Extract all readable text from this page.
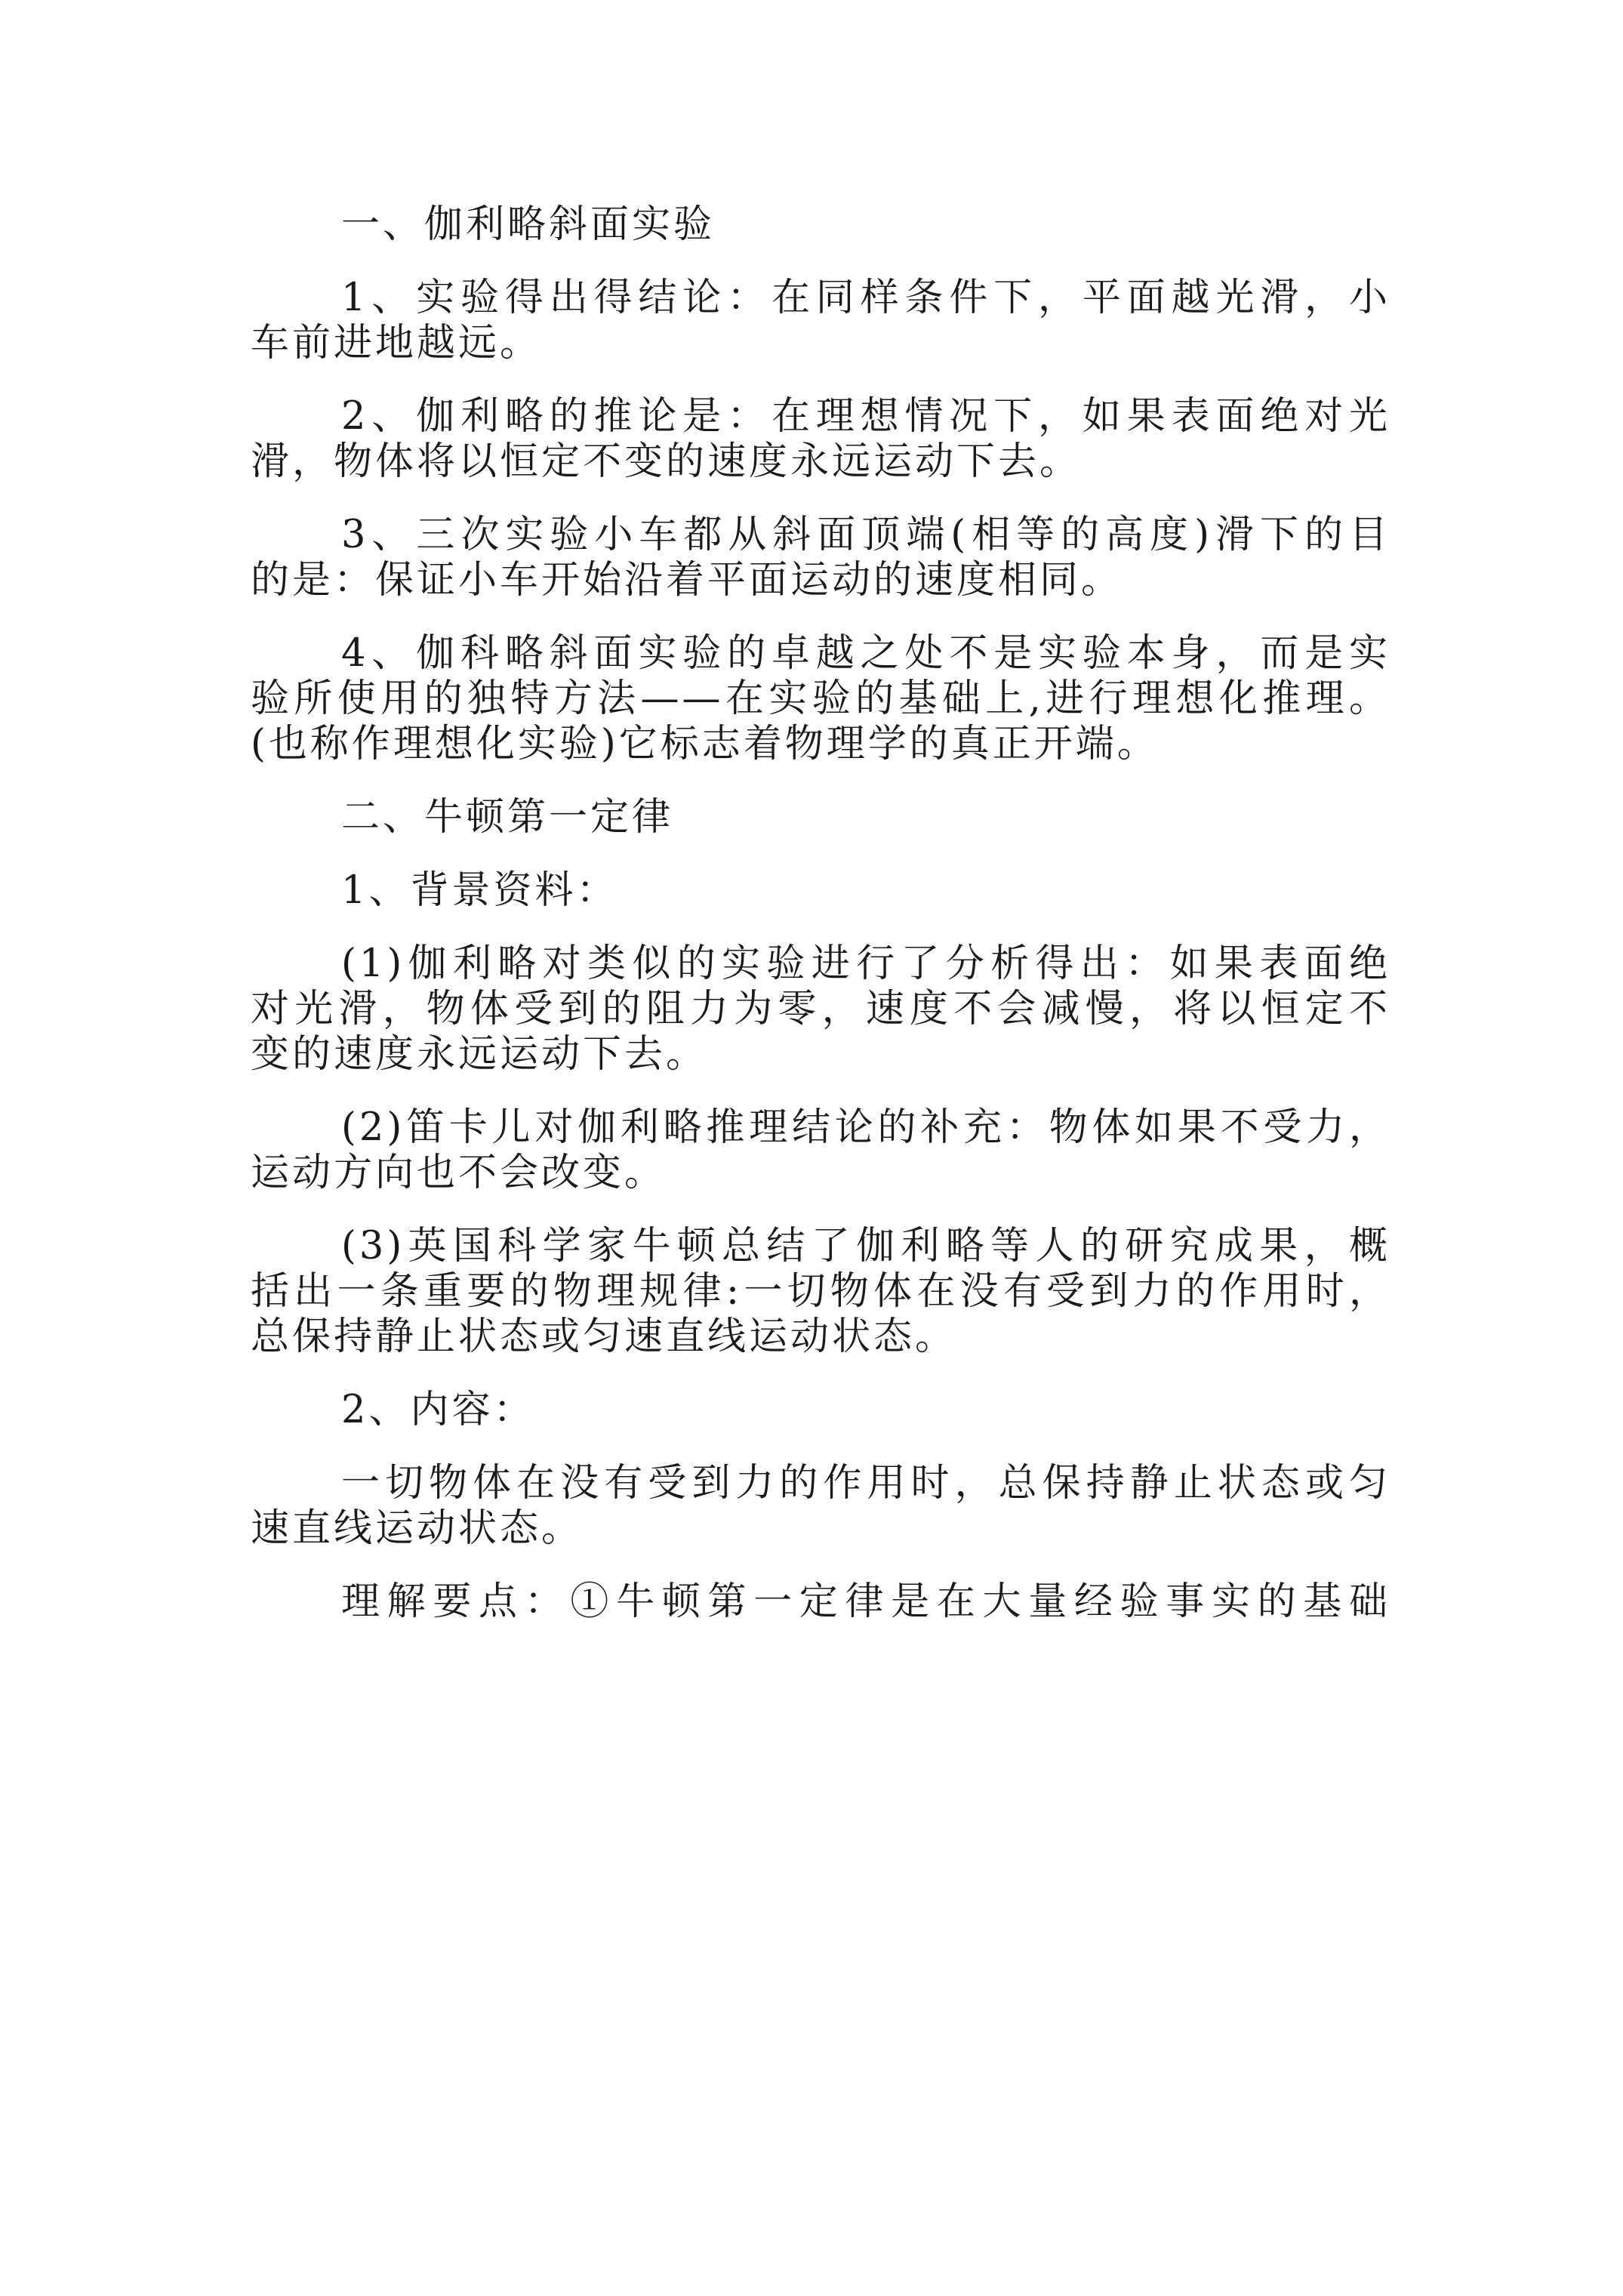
一、伽利略斜面实验

1、实验得出得结论：在同样条件下，平面越光滑，小

车前进地越远。

2、伽利略的推论是：在理想情况下，如果表面绝对光

滑，物体将以恒定不变的速度永远运动下去。

3、三次实验小车都从斜面顶端(相等的高度)滑下的目

的是：保证小车开始沿着平面运动的速度相同。

4、伽科略斜面实验的卓越之处不是实验本身，而是实

验所使用的独特方法——在实验的基础上,进行理想化推理。

(也称作理想化实验)它标志着物理学的真正开端。

二、牛顿第一定律

1、背景资料：

(1)伽利略对类似的实验进行了分析得出：如果表面绝

对光滑，物体受到的阻力为零，速度不会减慢，将以恒定不

变的速度永远运动下去。

(2)笛卡儿对伽利略推理结论的补充：物体如果不受力，

运动方向也不会改变。

(3)英国科学家牛顿总结了伽利略等人的研究成果，概

括出一条重要的物理规律:一切物体在没有受到力的作用时，

总保持静止状态或匀速直线运动状态。

2、内容：

一切物体在没有受到力的作用时，总保持静止状态或匀

速直线运动状态。

理解要点：①牛顿第一定律是在大量经验事实的基础
